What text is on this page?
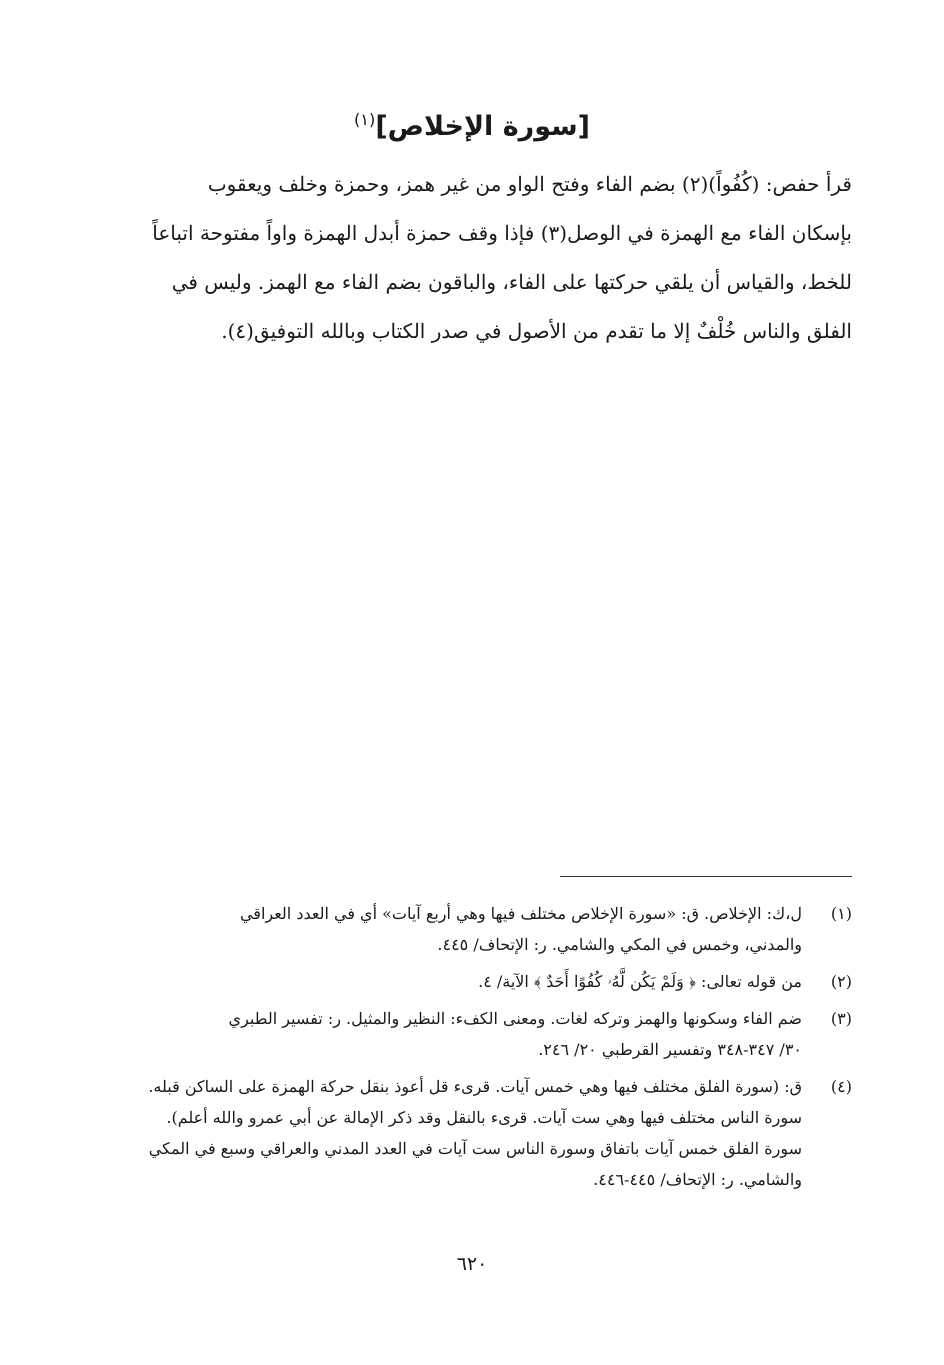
[سورة الإخلاص]$^{(١)}$
قرأ حفص: (كُفُواً)(٢) بضم الفاء وفتح الواو من غير همز، وحمزة وخلف ويعقوب
بإسكان الفاء مع الهمزة في الوصل(٣) فإذا وقف حمزة أبدل الهمزة واواً مفتوحة اتباعاً
للخط، والقياس أن يلقي حركتها على الفاء، والباقون بضم الفاء مع الهمز. وليس في
الفلق والناس خُلْفٌ إلا ما تقدم من الأصول في صدر الكتاب وبالله التوفيق(٤).
(١)
ل،ك: الإخلاص. ق: «سورة الإخلاص مختلف فيها وهي أربع آيات» أي في العدد العراقي
والمدني، وخمس في المكي والشامي. ر: الإتحاف/ ٤٤٥.
(٢)
من قوله تعالى: ﴿ وَلَمْ يَكُن لَّهُۥ كُفُوًا أَحَدٌ ﴾ الآية/ ٤.
(٣)
ضم الفاء وسكونها والهمز وتركه لغات. ومعنى الكفء: النظير والمثيل. ر: تفسير الطبري
٣٠/ ٣٤٧-٣٤٨ وتفسير القرطبي ٢٠/ ٢٤٦.
(٤)
ق: (سورة الفلق مختلف فيها وهي خمس آيات. قرىء قل أعوذ بنقل حركة الهمزة على الساكن قبله.
سورة الناس مختلف فيها وهي ست آيات. قرىء بالنقل وقد ذكر الإمالة عن أبي عمرو والله أعلم).
سورة الفلق خمس آيات باتفاق وسورة الناس ست آيات في العدد المدني والعراقي وسبع في المكي
والشامي. ر: الإتحاف/ ٤٤٥-٤٤٦.
٦٢٠
